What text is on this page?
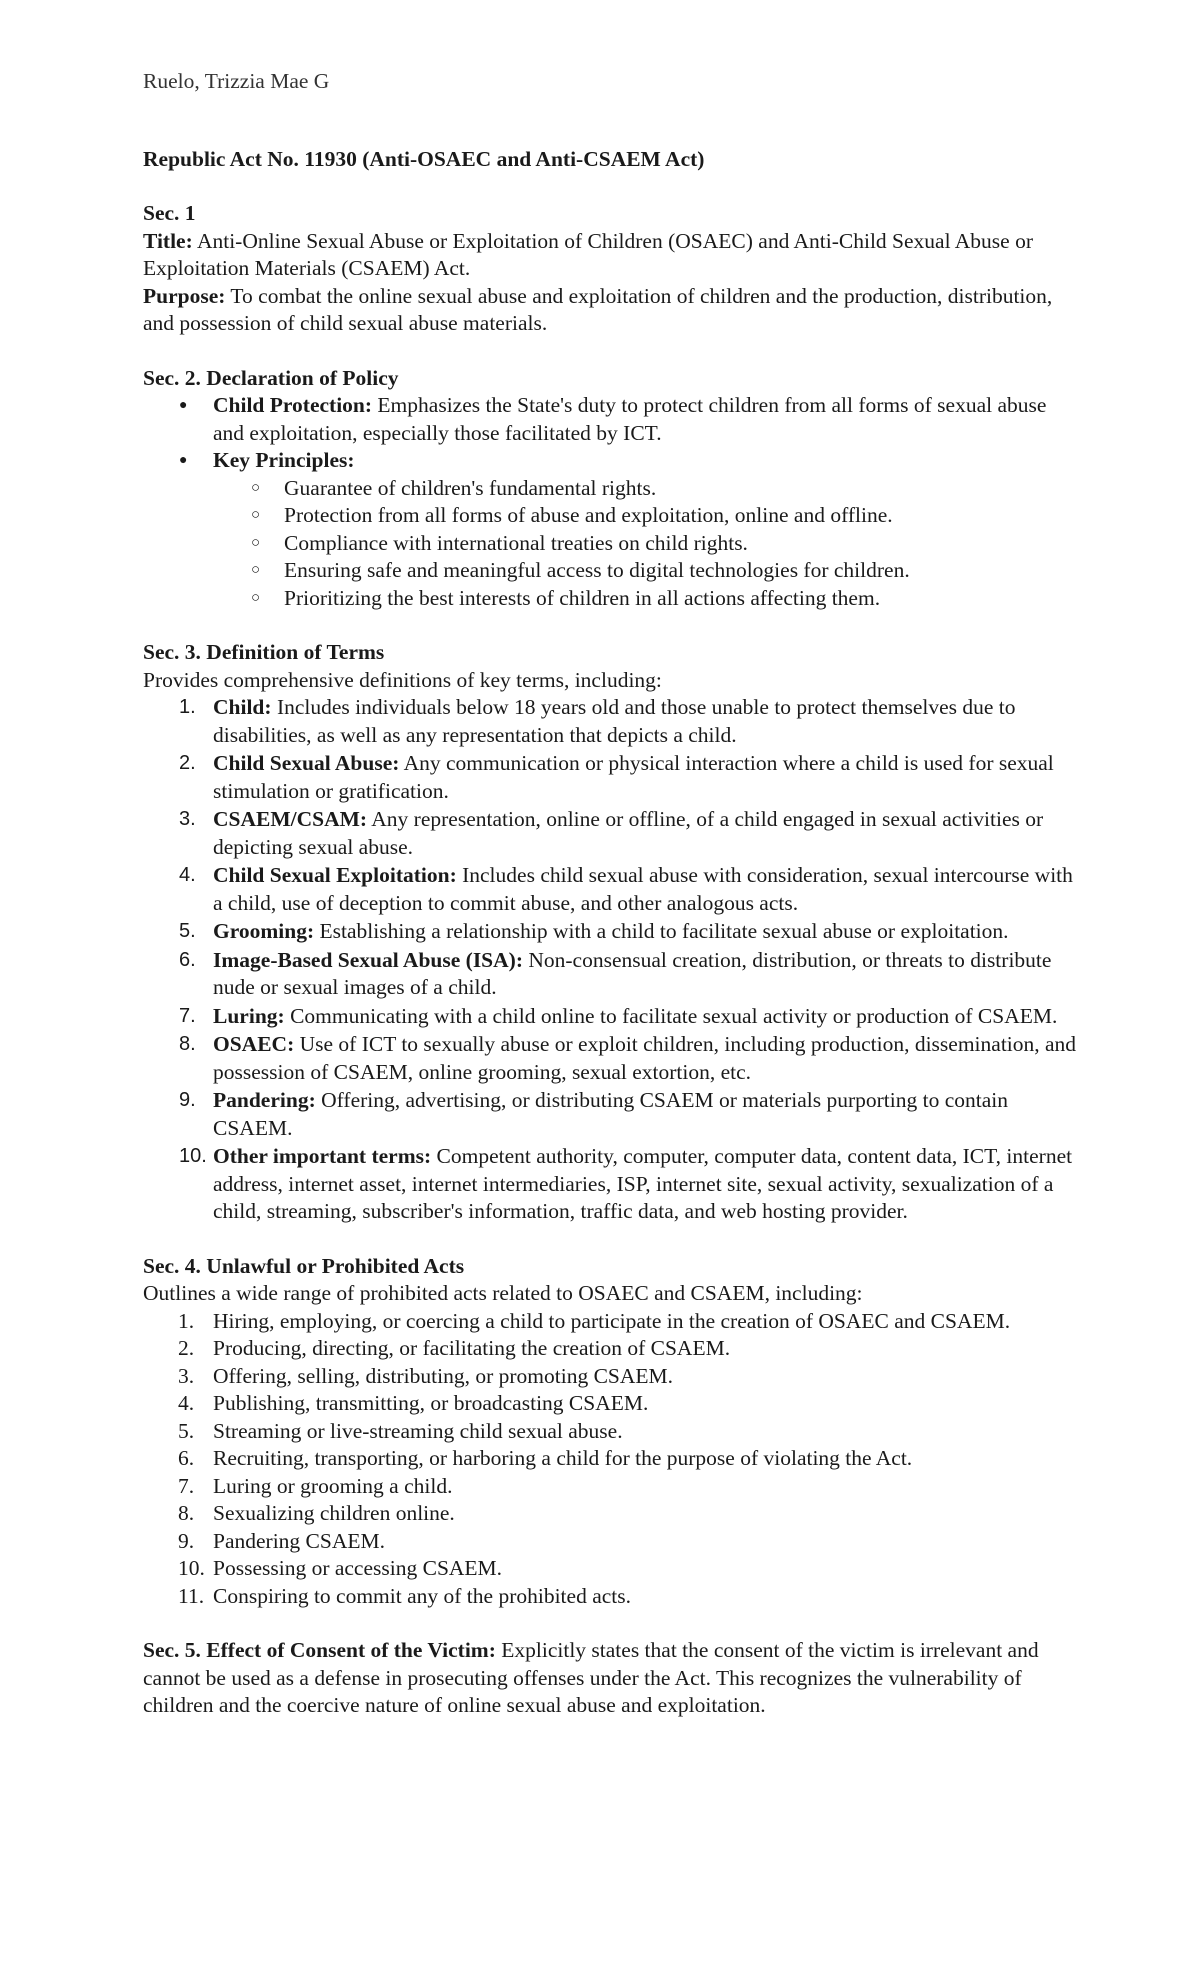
Ruelo, Trizzia Mae G

Republic Act No. 11930 (Anti-OSAEC and Anti-CSAEM Act)

Sec. 1

Title: Anti-Online Sexual Abuse or Exploitation of Children (OSAEC) and Anti-Child Sexual Abuse or Exploitation Materials (CSAEM) Act.

Purpose: To combat the online sexual abuse and exploitation of children and the production, distribution, and possession of child sexual abuse materials.

Sec. 2. Declaration of Policy

● Child Protection: Emphasizes the State's duty to protect children from all forms of sexual abuse and exploitation, especially those facilitated by ICT.
● Key Principles:
○ Guarantee of children's fundamental rights.
○ Protection from all forms of abuse and exploitation, online and offline.
○ Compliance with international treaties on child rights.
○ Ensuring safe and meaningful access to digital technologies for children.
○ Prioritizing the best interests of children in all actions affecting them.

Sec. 3. Definition of Terms

Provides comprehensive definitions of key terms, including:

1. Child: Includes individuals below 18 years old and those unable to protect themselves due to disabilities, as well as any representation that depicts a child.
2. Child Sexual Abuse: Any communication or physical interaction where a child is used for sexual stimulation or gratification.
3. CSAEM/CSAM: Any representation, online or offline, of a child engaged in sexual activities or depicting sexual abuse.
4. Child Sexual Exploitation: Includes child sexual abuse with consideration, sexual intercourse with a child, use of deception to commit abuse, and other analogous acts.
5. Grooming: Establishing a relationship with a child to facilitate sexual abuse or exploitation.
6. Image-Based Sexual Abuse (ISA): Non-consensual creation, distribution, or threats to distribute nude or sexual images of a child.
7. Luring: Communicating with a child online to facilitate sexual activity or production of CSAEM.
8. OSAEC: Use of ICT to sexually abuse or exploit children, including production, dissemination, and possession of CSAEM, online grooming, sexual extortion, etc.
9. Pandering: Offering, advertising, or distributing CSAEM or materials purporting to contain CSAEM.
10. Other important terms: Competent authority, computer, computer data, content data, ICT, internet address, internet asset, internet intermediaries, ISP, internet site, sexual activity, sexualization of a child, streaming, subscriber's information, traffic data, and web hosting provider.

Sec. 4. Unlawful or Prohibited Acts

Outlines a wide range of prohibited acts related to OSAEC and CSAEM, including:

1. Hiring, employing, or coercing a child to participate in the creation of OSAEC and CSAEM.
2. Producing, directing, or facilitating the creation of CSAEM.
3. Offering, selling, distributing, or promoting CSAEM.
4. Publishing, transmitting, or broadcasting CSAEM.
5. Streaming or live-streaming child sexual abuse.
6. Recruiting, transporting, or harboring a child for the purpose of violating the Act.
7. Luring or grooming a child.
8. Sexualizing children online.
9. Pandering CSAEM.
10. Possessing or accessing CSAEM.
11. Conspiring to commit any of the prohibited acts.

Sec. 5. Effect of Consent of the Victim: Explicitly states that the consent of the victim is irrelevant and cannot be used as a defense in prosecuting offenses under the Act. This recognizes the vulnerability of children and the coercive nature of online sexual abuse and exploitation.
